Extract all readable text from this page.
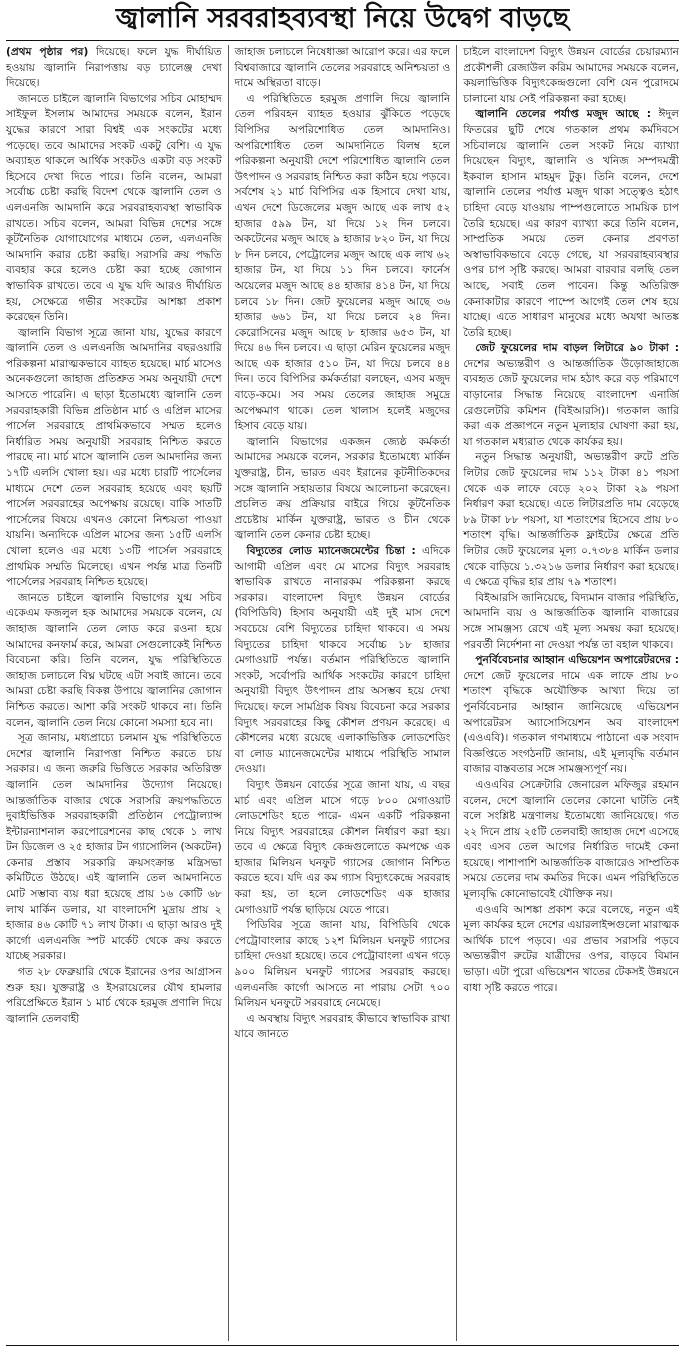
জ্বালানি সরবরাহব্যবস্থা নিয়ে উদ্বেগ বাড়ছে

(প্রথম পৃষ্ঠার পর) দিয়েছে। ফলে যুদ্ধ দীর্ঘায়িত হওয়ায় জ্বালানি নিরাপত্তায় বড় চ্যালেঞ্জ দেখা দিয়েছে।

জানতে চাইলে জ্বালানি বিভাগের সচিব মোহাম্মদ সাইফুল ইসলাম আমাদের সময়কে বলেন, ইরান যুদ্ধের কারণে সারা বিশ্বই এক সংকটের মধ্যে পড়েছে। তবে আমাদের সংকট একটু বেশি। এ যুদ্ধ অব্যাহত থাকলে আর্থিক সংকটও একটা বড় সংকট হিসেবে দেখা দিতে পারে। তিনি বলেন, আমরা সর্বোচ্চ চেষ্টা করছি বিদেশ থেকে জ্বালানি তেল ও এলএনজি আমদানি করে সরবরাহব্যবস্থা স্বাভাবিক রাখতে। সচিব বলেন, আমরা বিভিন্ন দেশের সঙ্গে কূটনৈতিক যোগাযোগের মাধ্যমে তেল, এলএনজি আমদানি করার চেষ্টা করছি। সরাসরি ক্রয় পদ্ধতি ব্যবহার করে হলেও চেষ্টা করা হচ্ছে জোগান স্বাভাবিক রাখতে। তবে এ যুদ্ধ যদি আরও দীর্ঘায়িত হয়, সেক্ষেত্রে গভীর সংকটের আশঙ্কা প্রকাশ করেছেন তিনি।

জ্বালানি বিভাগ সূত্রে জানা যায়, যুদ্ধের কারণে জ্বালানি তেল ও এলএনজি আমদানির বছরওয়ারি পরিকল্পনা মারাত্মকভাবে ব্যাহত হয়েছে। মার্চ মাসেও অনেকগুলো জাহাজ প্রতিশ্রুত সময় অনুযায়ী দেশে আসতে পারেনি। এ ছাড়া ইতোমধ্যে জ্বালানি তেল সরবরাহকারী বিভিন্ন প্রতিষ্ঠান মার্চ ও এপ্রিল মাসের পার্সেল সরবরাহে প্রাথমিকভাবে সম্মত হলেও নির্ধারিত সময় অনুযায়ী সরবরাহ নিশ্চিত করতে পারছে না। মার্চ মাসে জ্বালানি তেল আমদানির জন্য ১৭টি এলসি খোলা হয়। এর মধ্যে চারটি পার্সেলের মাধ্যমে দেশে তেল সরবরাহ হয়েছে এবং ছয়টি পার্সেল সরবরাহের অপেক্ষায় রয়েছে। বাকি সাতটি পার্সেলের বিষয়ে এখনও কোনো নিশ্চয়তা পাওয়া যায়নি। অন্যদিকে এপ্রিল মাসের জন্য ১৫টি এলসি খোলা হলেও এর মধ্যে ১৩টি পার্সেল সরবরাহে প্রাথমিক সম্মতি মিলেছে। এখন পর্যন্ত মাত্র তিনটি পার্সেলের সরবরাহ নিশ্চিত হয়েছে।

জানতে চাইলে জ্বালানি বিভাগের যুগ্ম সচিব একেএম ফজলুল হক আমাদের সময়কে বলেন, যে জাহাজ জ্বালানি তেল লোড করে রওনা হয়ে আমাদের কনফার্ম করে, আমরা সেগুলোকেই নিশ্চিত বিবেচনা করি। তিনি বলেন, যুদ্ধ পরিস্থিতিতে জাহাজ চলাচলে বিঘ্ন ঘটছে এটা সবাই জানে। তবে আমরা চেষ্টা করছি বিকল্প উপায়ে জ্বালানির জোগান নিশ্চিত করতে। আশা করি সংকট থাকবে না। তিনি বলেন, জ্বালানি তেল নিয়ে কোনো সমস্যা হবে না।

সূত্র জানায়, মধ্যপ্রাচ্যে চলমান যুদ্ধ পরিস্থিতিতে দেশের জ্বালানি নিরাপত্তা নিশ্চিত করতে চায় সরকার। এ জন্য জরুরি ভিত্তিতে সরকার অতিরিক্ত জ্বালানি তেল আমদানির উদ্যোগ নিয়েছে। আন্তর্জাতিক বাজার থেকে সরাসরি ক্রয়পদ্ধতিতে দুবাইভিত্তিক সরবরাহকারী প্রতিষ্ঠান পেট্রোল্যান্স ইন্টারন্যাশনাল করপোরেশনের কাছ থেকে ১ লাখ টন ডিজেল ও ২৫ হাজার টন গ্যাসোলিন (অকটেন) কেনার প্রস্তাব সরকারি ক্রয়সংক্রান্ত মন্ত্রিসভা কমিটিতে উঠছে। এই জ্বালানি তেল আমদানিতে মোট সম্ভাব্য ব্যয় ধরা হয়েছে প্রায় ১৬ কোটি ৬৮ লাখ মার্কিন ডলার, যা বাংলাদেশি মুদ্রায় প্রায় ২ হাজার ৪৬ কোটি ৭১ লাখ টাকা। এ ছাড়া আরও দুই কার্গো এলএনজি স্পট মার্কেট থেকে ক্রয় করতে যাচ্ছে সরকার।

গত ২৮ ফেব্রুয়ারি থেকে ইরানের ওপর আগ্রাসন শুরু হয়। যুক্তরাষ্ট্র ও ইসরায়েলের যৌথ হামলার পরিপ্রেক্ষিতে ইরান ১ মার্চ থেকে হরমুজ প্রণালি দিয়ে জ্বালানি তেলবাহী

জাহাজ চলাচলে নিষেধাজ্ঞা আরোপ করে। এর ফলে বিশ্ববাজারে জ্বালানি তেলের সরবরাহে অনিশ্চয়তা ও দামে অস্থিরতা বাড়ে।

এ পরিস্থিতিতে হরমুজ প্রণালি দিয়ে জ্বালানি তেল পরিবহন ব্যাহত হওয়ার ঝুঁকিতে পড়েছে বিপিসির অপরিশোধিত তেল আমদানিও। অপরিশোধিত তেল আমদানিতে বিলম্ব হলে পরিকল্পনা অনুযায়ী দেশে পরিশোধিত জ্বালানি তেল উৎপাদন ও সরবরাহ নিশ্চিত করা কঠিন হয়ে পড়বে। সর্বশেষ ২১ মার্চ বিপিসির এক হিসাবে দেখা যায়, এখন দেশে ডিজেলের মজুদ আছে এক লাখ ৫২ হাজার ৫৯৯ টন, যা দিয়ে ১২ দিন চলবে। অকটেনের মজুদ আছে ৯ হাজার ৮২০ টন, যা দিয়ে ৮ দিন চলবে, পেট্রোলের মজুদ আছে এক লাখ ৬২ হাজার টন, যা দিয়ে ১১ দিন চলবে। ফার্নেস অয়েলের মজুদ আছে ৪৪ হাজার ৪১৪ টন, যা দিয়ে চলবে ১৮ দিন। জেট ফুয়েলের মজুদ আছে ৩৬ হাজার ৬৬১ টন, যা দিয়ে চলবে ২৪ দিন। কেরোসিনের মজুদ আছে ৮ হাজার ৬৫৩ টন, যা দিয়ে ৪৬ দিন চলবে। এ ছাড়া মেরিন ফুয়েলের মজুদ আছে এক হাজার ৫১০ টন, যা দিয়ে চলবে ৪৪ দিন। তবে বিপিসির কর্মকর্তারা বলছেন, এসব মজুদ বাড়ে-কমে। সব সময় তেলের জাহাজ সমুদ্রে অপেক্ষমাণ থাকে। তেল খালাস হলেই মজুদের হিসাব বেড়ে যায়।

জ্বালানি বিভাগের একজন জ্যেষ্ঠ কর্মকর্তা আমাদের সময়কে বলেন, সরকার ইতোমধ্যে মার্কিন যুক্তরাষ্ট্র, চীন, ভারত এবং ইরানের কূটনীতিকদের সঙ্গে জ্বালানি সহায়তার বিষয়ে আলোচনা করেছেন। প্রচলিত ক্রয় প্রক্রিয়ার বাইরে গিয়ে কূটনৈতিক প্রচেষ্টায় মার্কিন যুক্তরাষ্ট্র, ভারত ও চীন থেকে জ্বালানি তেল কেনার চেষ্টা হচ্ছে।

বিদ্যুতের লোড ম্যানেজমেন্টের চিন্তা : এদিকে আগামী এপ্রিল এবং মে মাসের বিদ্যুৎ সরবরাহ স্বাভাবিক রাখতে নানারকম পরিকল্পনা করছে সরকার। বাংলাদেশ বিদ্যুৎ উন্নয়ন বোর্ডের (বিপিডিবি) হিসাব অনুযায়ী এই দুই মাস দেশে সবচেয়ে বেশি বিদ্যুতের চাহিদা থাকবে। এ সময় বিদ্যুতের চাহিদা থাকবে সর্বোচ্চ ১৮ হাজার মেগাওয়াট পর্যন্ত। বর্তমান পরিস্থিতিতে জ্বালানি সংকট, সর্বোপরি আর্থিক সংকটের কারণে চাহিদা অনুযায়ী বিদ্যুৎ উৎপাদন প্রায় অসম্ভব হয়ে দেখা দিয়েছে। ফলে সামগ্রিক বিষয় বিবেচনা করে সরকার বিদ্যুৎ সরবরাহের কিছু কৌশল প্রণয়ন করেছে। এ কৌশলের মধ্যে রয়েছে এলাকাভিত্তিক লোডশেডিং বা লোড ম্যানেজমেন্টের মাধ্যমে পরিস্থিতি সামাল দেওয়া।

বিদ্যুৎ উন্নয়ন বোর্ডের সূত্রে জানা যায়, এ বছর মার্চ এবং এপ্রিল মাসে গড়ে ৮০০ মেগাওয়াট লোডশেডিং হতে পারে- এমন একটি পরিকল্পনা নিয়ে বিদ্যুৎ সরবরাহের কৌশল নির্ধারণ করা হয়। তবে এ ক্ষেত্রে বিদ্যুৎ কেন্দ্রগুলোতে কমপক্ষে এক হাজার মিলিয়ন ঘনফুট গ্যাসের জোগান নিশ্চিত করতে হবে। যদি এর কম গ্যাস বিদ্যুৎকেন্দ্রে সরবরাহ করা হয়, তা হলে লোডশেডিং এক হাজার মেগাওয়াট পর্যন্ত ছাড়িয়ে যেতে পারে।

পিডিবির সূত্রে জানা যায়, বিপিডিবি থেকে পেট্রোবাংলার কাছে ১২শ মিলিয়ন ঘনফুট গ্যাসের চাহিদা দেওয়া হয়েছে। তবে পেট্রোবাংলা এখন গড়ে ৯০০ মিলিয়ন ঘনফুট গ্যাসের সরবরাহ করছে। এলএনজি কার্গো আসতে না পারায় সেটা ৭০০ মিলিয়ন ঘনফুটে সরবরাহে নেমেছে।

এ অবস্থায় বিদ্যুৎ সরবরাহ কীভাবে স্বাভাবিক রাখা যাবে জানতে

চাইলে বাংলাদেশ বিদ্যুৎ উন্নয়ন বোর্ডের চেয়ারম্যান প্রকৌশলী রেজাউল করিম আমাদের সময়কে বলেন, কয়লাভিত্তিক বিদ্যুৎকেন্দ্রগুলো বেশি যেন পুরোদমে চালানো যায় সেই পরিকল্পনা করা হচ্ছে।

জ্বালানি তেলের পর্যাপ্ত মজুদ আছে : ঈদুল ফিতরের ছুটি শেষে গতকাল প্রথম কর্মদিবসে সচিবালয়ে জ্বালানি তেল সংকট নিয়ে ব্যাখ্যা দিয়েছেন বিদ্যুৎ, জ্বালানি ও খনিজ সম্পদমন্ত্রী ইকবাল হাসান মাহমুদ টুকু। তিনি বলেন, দেশে জ্বালানি তেলের পর্যাপ্ত মজুদ থাকা সত্ত্বেও হঠাৎ চাহিদা বেড়ে যাওয়ায় পাম্পগুলোতে সাময়িক চাপ তৈরি হয়েছে। এর কারণ ব্যাখ্যা করে তিনি বলেন, সাম্প্রতিক সময়ে তেল কেনার প্রবণতা অস্বাভাবিকভাবে বেড়ে গেছে, যা সরবরাহব্যবস্থার ওপর চাপ সৃষ্টি করছে। আমরা বারবার বলছি তেল আছে, সবাই তেল পাবেন। কিন্তু অতিরিক্ত কেনাকাটার কারণে পাম্পে আগেই তেল শেষ হয়ে যাচ্ছে। এতে সাধারণ মানুষের মধ্যে অযথা আতঙ্ক তৈরি হচ্ছে।

জেট ফুয়েলের দাম বাড়ল লিটারে ৯০ টাকা : দেশের অভ্যন্তরীণ ও আন্তর্জাতিক উড়োজাহাজে ব্যবহৃত জেট ফুয়েলের দাম হঠাৎ করে বড় পরিমাণে বাড়ানোর সিদ্ধান্ত নিয়েছে বাংলাদেশ এনার্জি রেগুলেটরি কমিশন (বিইআরসি)। গতকাল জারি করা এক প্রজ্ঞাপনে নতুন মূল্যহার ঘোষণা করা হয়, যা গতকাল মধ্যরাত থেকে কার্যকর হয়।

নতুন সিদ্ধান্ত অনুযায়ী, অভ্যন্তরীণ রুটে প্রতি লিটার জেট ফুয়েলের দাম ১১২ টাকা ৪১ পয়সা থেকে এক লাফে বেড়ে ২০২ টাকা ২৯ পয়সা নির্ধারণ করা হয়েছে। এতে লিটারপ্রতি দাম বেড়েছে ৮৯ টাকা ৮৮ পয়সা, যা শতাংশের হিসেবে প্রায় ৮০ শতাংশ বৃদ্ধি। আন্তর্জাতিক ফ্লাইটের ক্ষেত্রে প্রতি লিটার জেট ফুয়েলের মূল্য ০.৭৩৮৪ মার্কিন ডলার থেকে বাড়িয়ে ১.৩২১৬ ডলার নির্ধারণ করা হয়েছে। এ ক্ষেত্রে বৃদ্ধির হার প্রায় ৭৯ শতাংশ।

বিইআরসি জানিয়েছে, বিদ্যমান বাজার পরিস্থিতি, আমদানি ব্যয় ও আন্তর্জাতিক জ্বালানি বাজারের সঙ্গে সামঞ্জস্য রেখে এই মূল্য সমন্বয় করা হয়েছে। পরবর্তী নির্দেশনা না দেওয়া পর্যন্ত তা বহাল থাকবে।

পুনর্বিবেচনার আহ্বান এভিয়েশন অপারেটরদের : দেশে জেট ফুয়েলের দামে এক লাফে প্রায় ৮০ শতাংশ বৃদ্ধিকে অযৌক্তিক আখ্যা দিয়ে তা পুনর্বিবেচনার আহ্বান জানিয়েছে এভিয়েশন অপারেটরস অ্যাসোসিয়েশন অব বাংলাদেশ (এওএবি)। গতকাল গণমাধ্যমে পাঠানো এক সংবাদ বিজ্ঞপ্তিতে সংগঠনটি জানায়, এই মূল্যবৃদ্ধি বর্তমান বাজার বাস্তবতার সঙ্গে সামঞ্জস্যপূর্ণ নয়।

এওএবির সেক্রেটারি জেনারেল মফিজুর রহমান বলেন, দেশে জ্বালানি তেলের কোনো ঘাটতি নেই বলে সংশ্লিষ্ট মন্ত্রণালয় ইতোমধ্যে জানিয়েছে। গত ২২ দিনে প্রায় ২৫টি তেলবাহী জাহাজ দেশে এসেছে এবং এসব তেল আগের নির্ধারিত দামেই কেনা হয়েছে। পাশাপাশি আন্তর্জাতিক বাজারেও সাম্প্রতিক সময়ে তেলের দাম কমতির দিকে। এমন পরিস্থিতিতে মূল্যবৃদ্ধি কোনোভাবেই যৌক্তিক নয়।

এওএবি আশঙ্কা প্রকাশ করে বলেছে, নতুন এই মূল্য কার্যকর হলে দেশের এয়ারলাইন্সগুলো মারাত্মক আর্থিক চাপে পড়বে। এর প্রভাব সরাসরি পড়বে অভ্যন্তরীণ রুটের যাত্রীদের ওপর, বাড়বে বিমান ভাড়া। এটা পুরো এভিয়েশন খাতের টেকসই উন্নয়নে বাধা সৃষ্টি করতে পারে।
